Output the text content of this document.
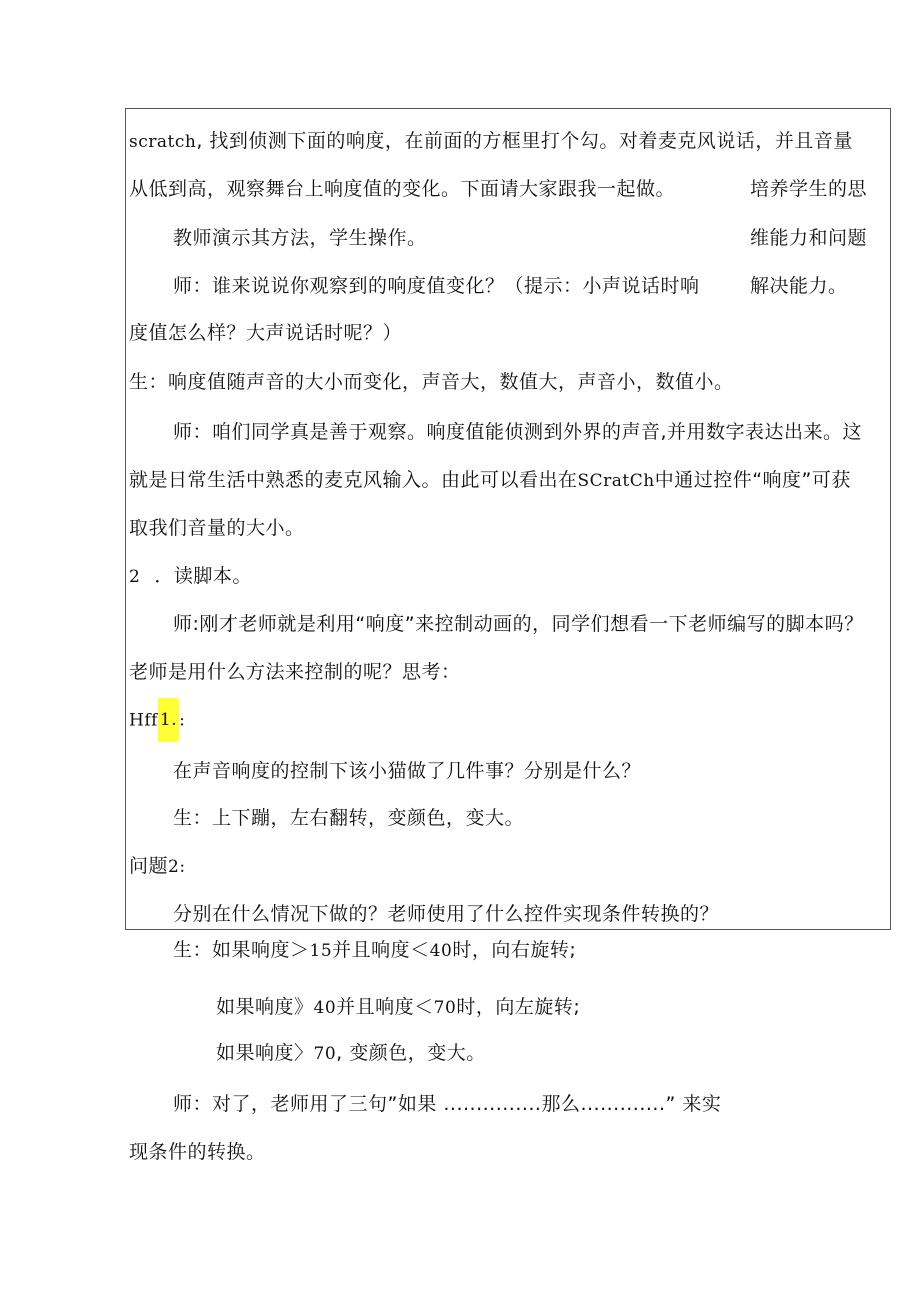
scratch, 找到侦测下面的响度，在前面的方框里打个勾。对着麦克风说话，并且音量
从低到高，观察舞台上响度值的变化。下面请大家跟我一起做。
教师演示其方法，学生操作。
师：谁来说说你观察到的响度值变化？（提示：小声说话时响
度值怎么样？大声说话时呢？）
生：响度值随声音的大小而变化，声音大，数值大，声音小，数值小。
师：咱们同学真是善于观察。响度值能侦测到外界的声音,并用数字表达出来。这
就是日常生活中熟悉的麦克风输入。由此可以看出在SCratCh中通过控件“响度”可获
取我们音量的大小。
2 ．读脚本。
师:刚才老师就是利用“响度”来控制动画的，同学们想看一下老师编写的脚本吗？
老师是用什么方法来控制的呢？思考：
Hff 1. :
在声音响度的控制下该小猫做了几件事？分别是什么？
生：上下蹦，左右翻转，变颜色，变大。
问题2:
分别在什么情况下做的？老师使用了什么控件实现条件转换的？
培养学生的思
维能力和问题
解决能力。
生：如果响度＞15并且响度＜40时，向右旋转;
如果响度》40并且响度＜70时，向左旋转;
如果响度〉70, 变颜色，变大。
师：对了，老师用了三句”如果 ...............那么.............” 来实
现条件的转换。
